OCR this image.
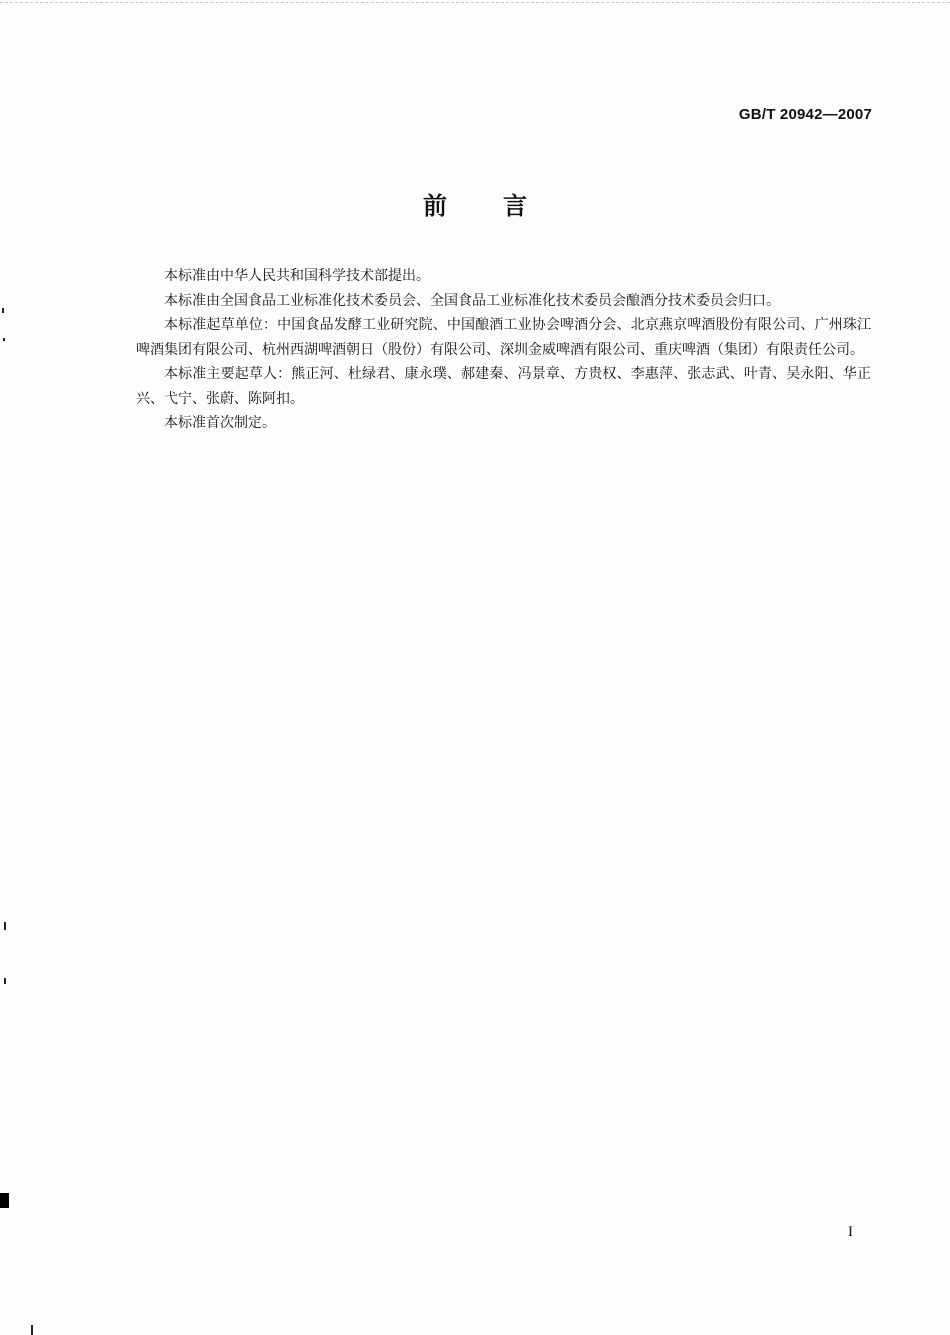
GB/T 20942—2007
前 言

本标准由中华人民共和国科学技术部提出。

本标准由全国食品工业标准化技术委员会、全国食品工业标准化技术委员会酿酒分技术委员会归口。

本标准起草单位：中国食品发酵工业研究院、中国酿酒工业协会啤酒分会、北京燕京啤酒股份有限公司、广州珠江啤酒集团有限公司、杭州西湖啤酒朝日（股份）有限公司、深圳金威啤酒有限公司、重庆啤酒（集团）有限责任公司。

本标准主要起草人：熊正河、杜绿君、康永璞、郝建秦、冯景章、方贵权、李惠萍、张志武、叶青、吴永阳、华正兴、弋宁、张蔚、陈阿扣。

本标准首次制定。

I
